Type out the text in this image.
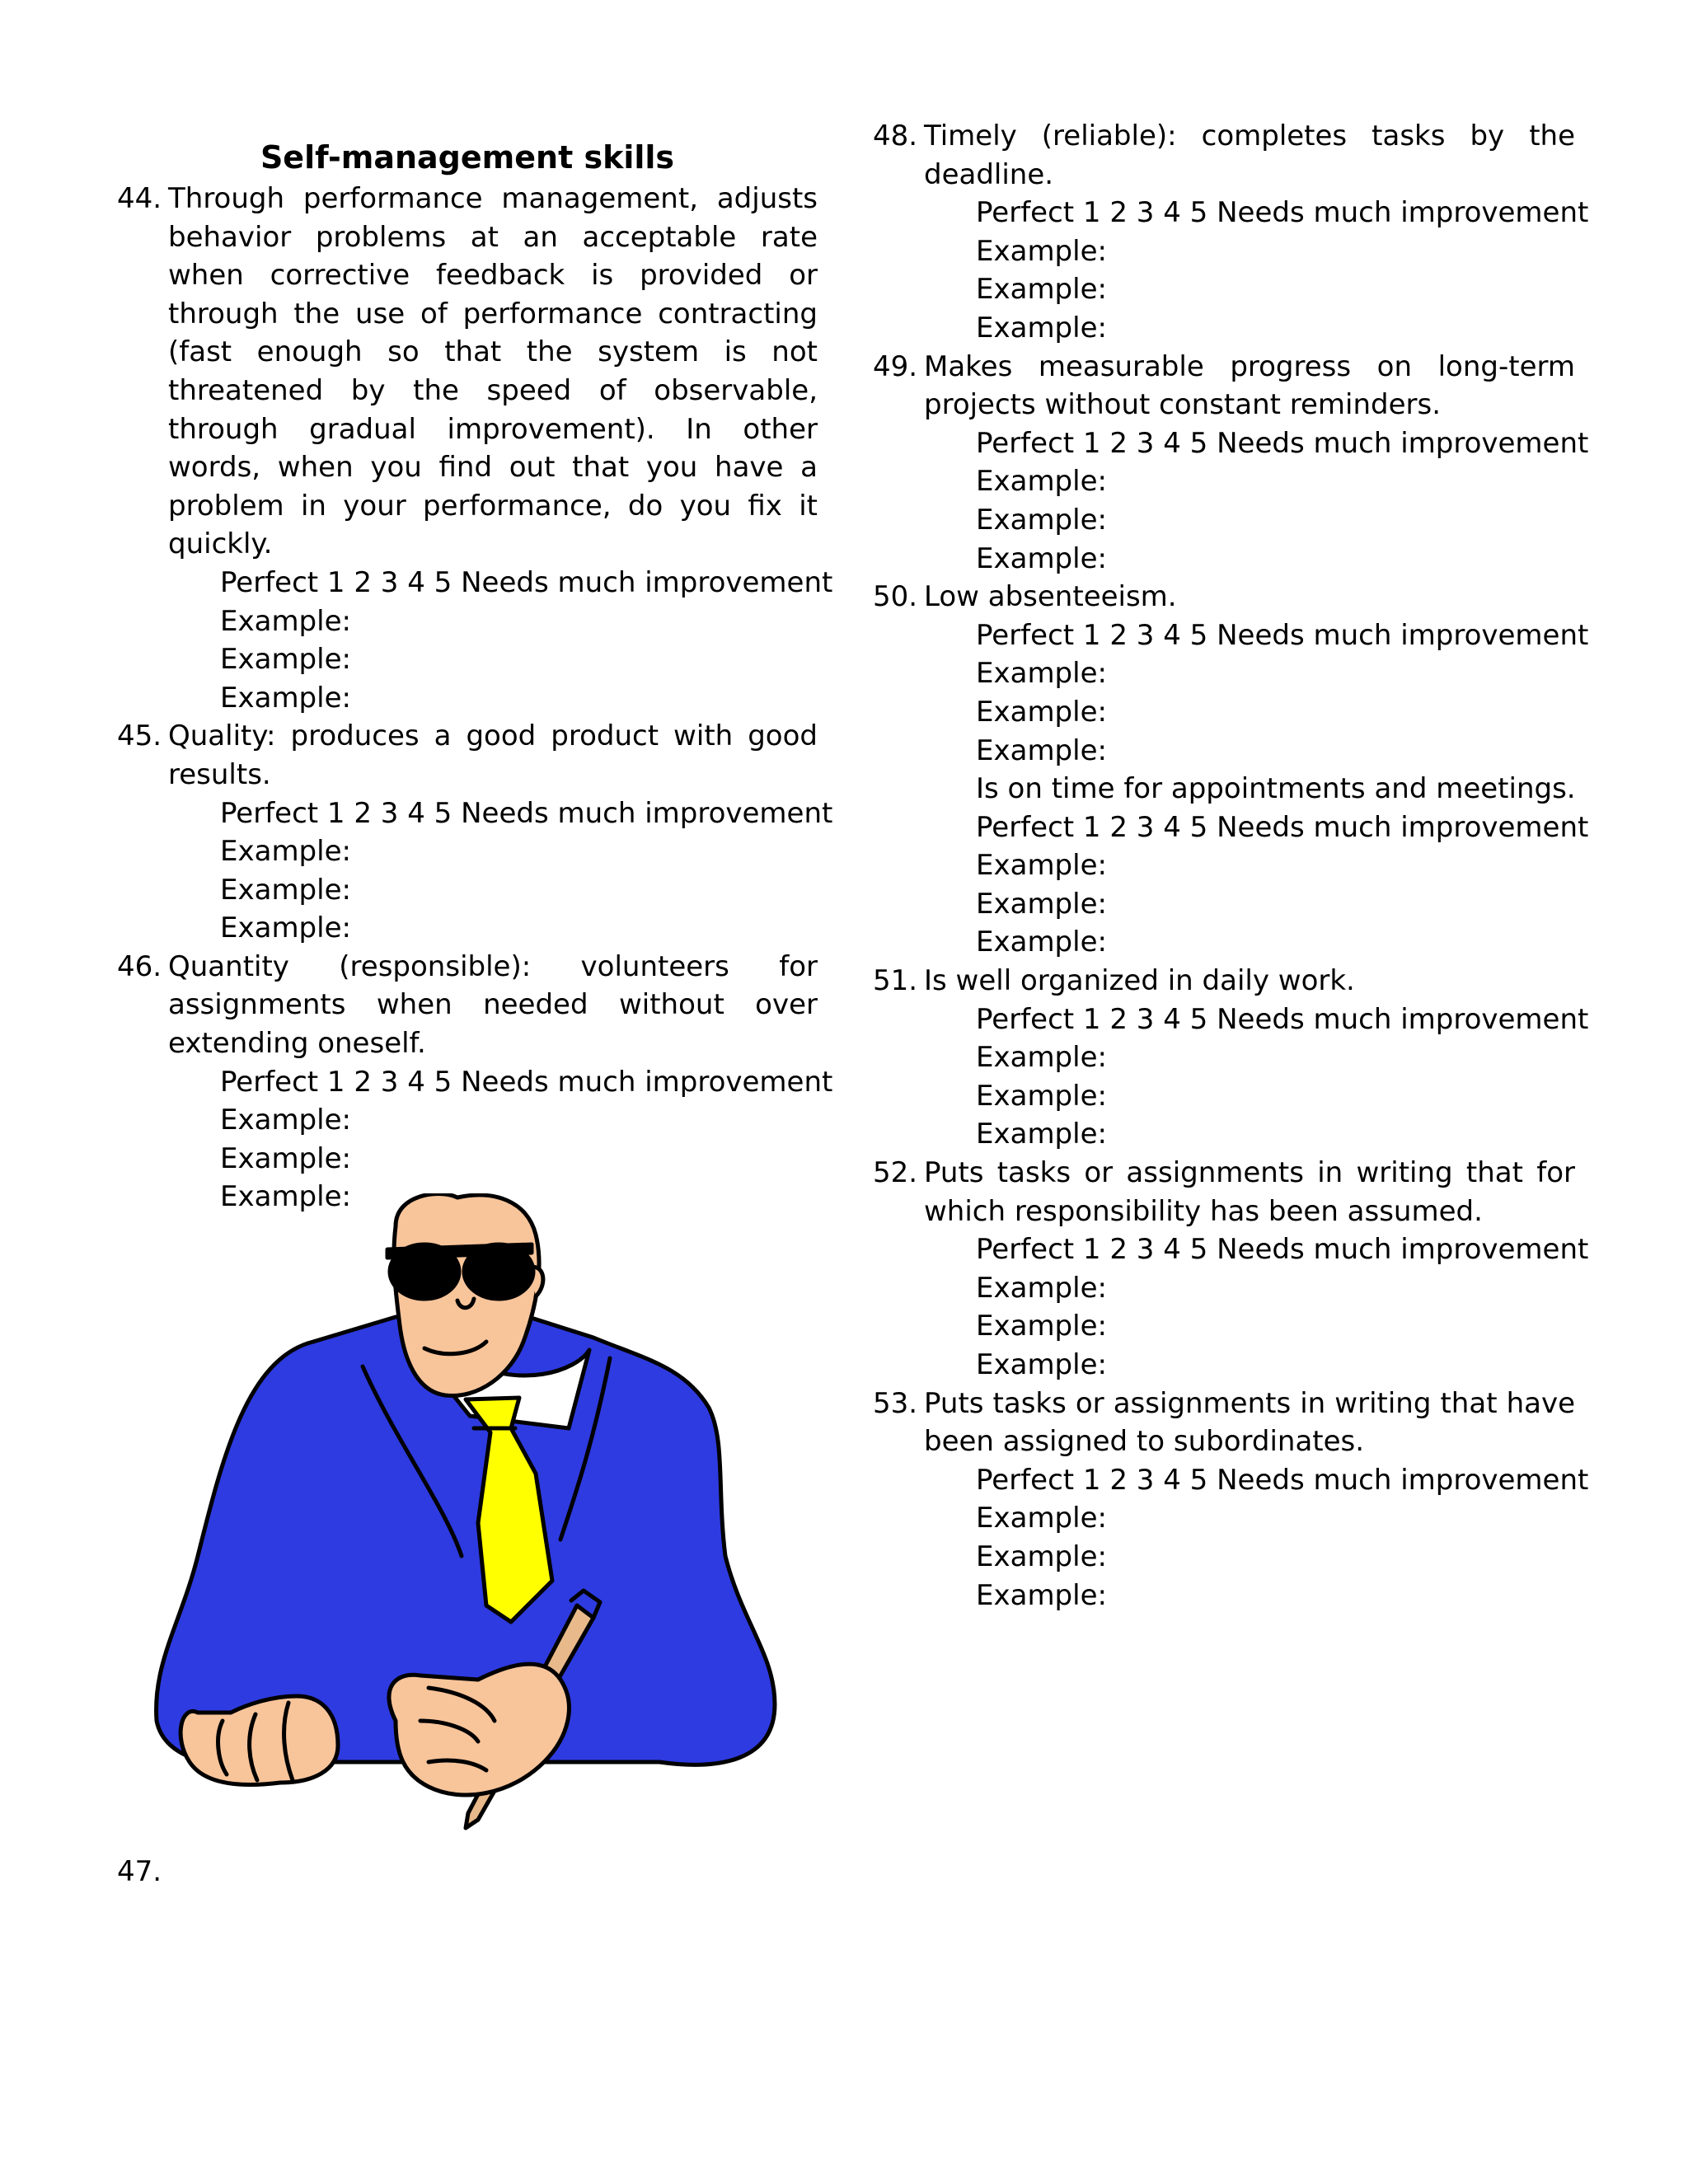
Self-management skills
44. Through performance management, adjusts behavior problems at an acceptable rate when corrective feedback is provided or through the use of performance contracting (fast enough so that the system is not threatened by the speed of observable, through gradual improvement). In other words, when you find out that you have a problem in your performance, do you fix it quickly.
Perfect 1 2 3 4 5 Needs much improvement
Example:
Example:
Example:
45. Quality: produces a good product with good results.
Perfect 1 2 3 4 5 Needs much improvement
Example:
Example:
Example:
46. Quantity (responsible): volunteers for assignments when needed without over extending oneself.
Perfect 1 2 3 4 5 Needs much improvement
Example:
Example:
Example:
47.
48. Timely (reliable): completes tasks by the deadline.
Perfect 1 2 3 4 5 Needs much improvement
Example:
Example:
Example:
49. Makes measurable progress on long-term projects without constant reminders.
Perfect 1 2 3 4 5 Needs much improvement
Example:
Example:
Example:
50. Low absenteeism.
Perfect 1 2 3 4 5 Needs much improvement
Example:
Example:
Example:
Is on time for appointments and meetings.
Perfect 1 2 3 4 5 Needs much improvement
Example:
Example:
Example:
51. Is well organized in daily work.
Perfect 1 2 3 4 5 Needs much improvement
Example:
Example:
Example:
52. Puts tasks or assignments in writing that for which responsibility has been assumed.
Perfect 1 2 3 4 5 Needs much improvement
Example:
Example:
Example:
53. Puts tasks or assignments in writing that have been assigned to subordinates.
Perfect 1 2 3 4 5 Needs much improvement
Example:
Example:
Example:
